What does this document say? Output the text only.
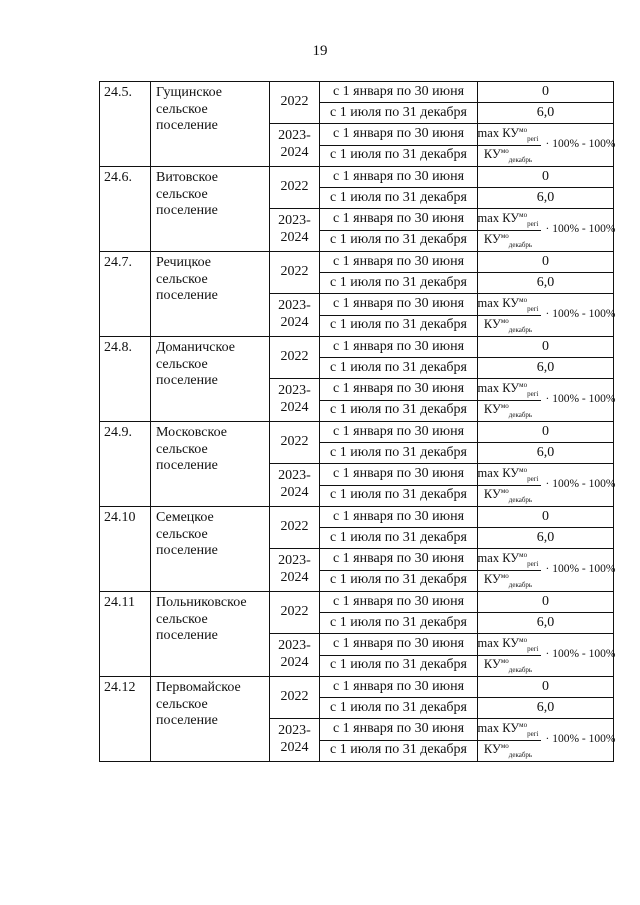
19
24.5.	Гущинское
сельское
поселение	2022	с 1 января по 30 июня	0
			с 1 июля по 31 декабря	6,0
		2023-
2024	с 1 января по 30 июня	$\frac{\max КУ^{мо}_{регі}}{КУ^{мо}_{декабрь}} \cdot 100\% - 100\%$

			с 1 июля по 31 декабря	
24.6.	Витовское
сельское
поселение	2022	с 1 января по 30 июня	0
			с 1 июля по 31 декабря	6,0
		2023-
2024	с 1 января по 30 июня	$\frac{\max КУ^{мо}_{регі}}{КУ^{мо}_{декабрь}} \cdot 100\% - 100\%$

			с 1 июля по 31 декабря	
24.7.	Речицкое
сельское
поселение	2022	с 1 января по 30 июня	0
			с 1 июля по 31 декабря	6,0
		2023-
2024	с 1 января по 30 июня	$\frac{\max КУ^{мо}_{регі}}{КУ^{мо}_{декабрь}} \cdot 100\% - 100\%$

			с 1 июля по 31 декабря	
24.8.	Доманичское
сельское
поселение	2022	с 1 января по 30 июня	0
			с 1 июля по 31 декабря	6,0
		2023-
2024	с 1 января по 30 июня	$\frac{\max КУ^{мо}_{регі}}{КУ^{мо}_{декабрь}} \cdot 100\% - 100\%$

			с 1 июля по 31 декабря	
24.9.	Московское
сельское
поселение	2022	с 1 января по 30 июня	0
			с 1 июля по 31 декабря	6,0
		2023-
2024	с 1 января по 30 июня	$\frac{\max КУ^{мо}_{регі}}{КУ^{мо}_{декабрь}} \cdot 100\% - 100\%$

			с 1 июля по 31 декабря	
24.10	Семецкое
сельское
поселение	2022	с 1 января по 30 июня	0
			с 1 июля по 31 декабря	6,0
		2023-
2024	с 1 января по 30 июня	$\frac{\max КУ^{мо}_{регі}}{КУ^{мо}_{декабрь}} \cdot 100\% - 100\%$

			с 1 июля по 31 декабря	
24.11	Польниковское
сельское
поселение	2022	с 1 января по 30 июня	0
			с 1 июля по 31 декабря	6,0
		2023-
2024	с 1 января по 30 июня	$\frac{\max КУ^{мо}_{регі}}{КУ^{мо}_{декабрь}} \cdot 100\% - 100\%$

			с 1 июля по 31 декабря	
24.12	Первомайское
сельское
поселение	2022	с 1 января по 30 июня	0
			с 1 июля по 31 декабря	6,0
		2023-
2024	с 1 января по 30 июня	$\frac{\max КУ^{мо}_{регі}}{КУ^{мо}_{декабрь}} \cdot 100\% - 100\%$

			с 1 июля по 31 декабря	
